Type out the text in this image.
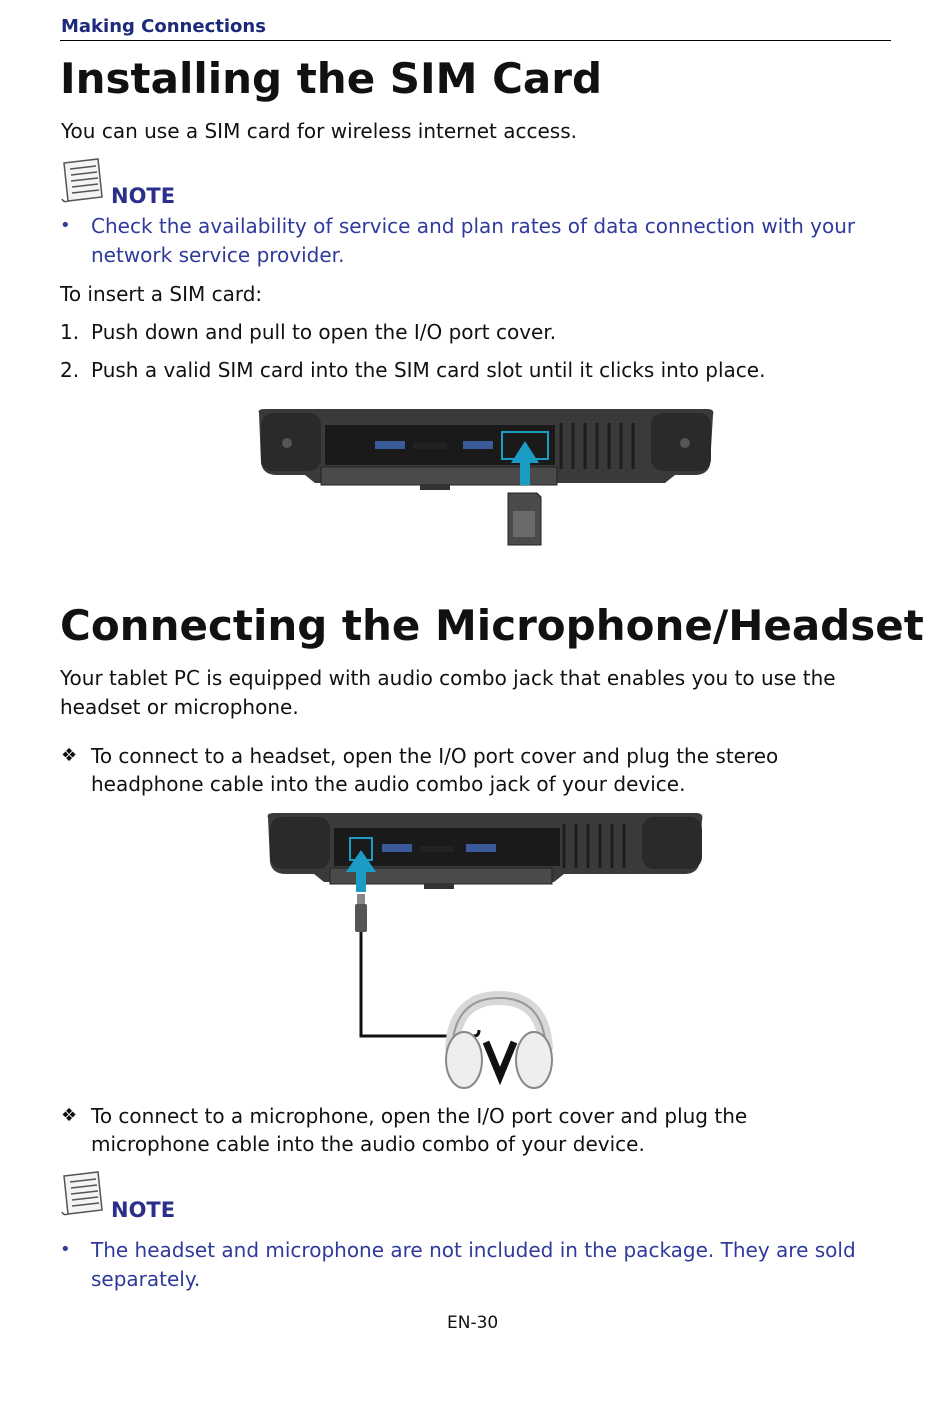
Making Connections
Installing the SIM Card
You can use a SIM card for wireless internet access.
NOTE
• Check the availability of service and plan rates of data connection with your
network service provider.
To insert a SIM card:
1. Push down and pull to open the I/O port cover.
2. Push a valid SIM card into the SIM card slot until it clicks into place.
Connecting the Microphone/Headset
Your tablet PC is equipped with audio combo jack that enables you to use the
headset or microphone.
❖ To connect to a headset, open the I/O port cover and plug the stereo
headphone cable into the audio combo jack of your device.
❖ To connect to a microphone, open the I/O port cover and plug the
microphone cable into the audio combo of your device.
NOTE
• The headset and microphone are not included in the package. They are sold
separately.
EN-30
